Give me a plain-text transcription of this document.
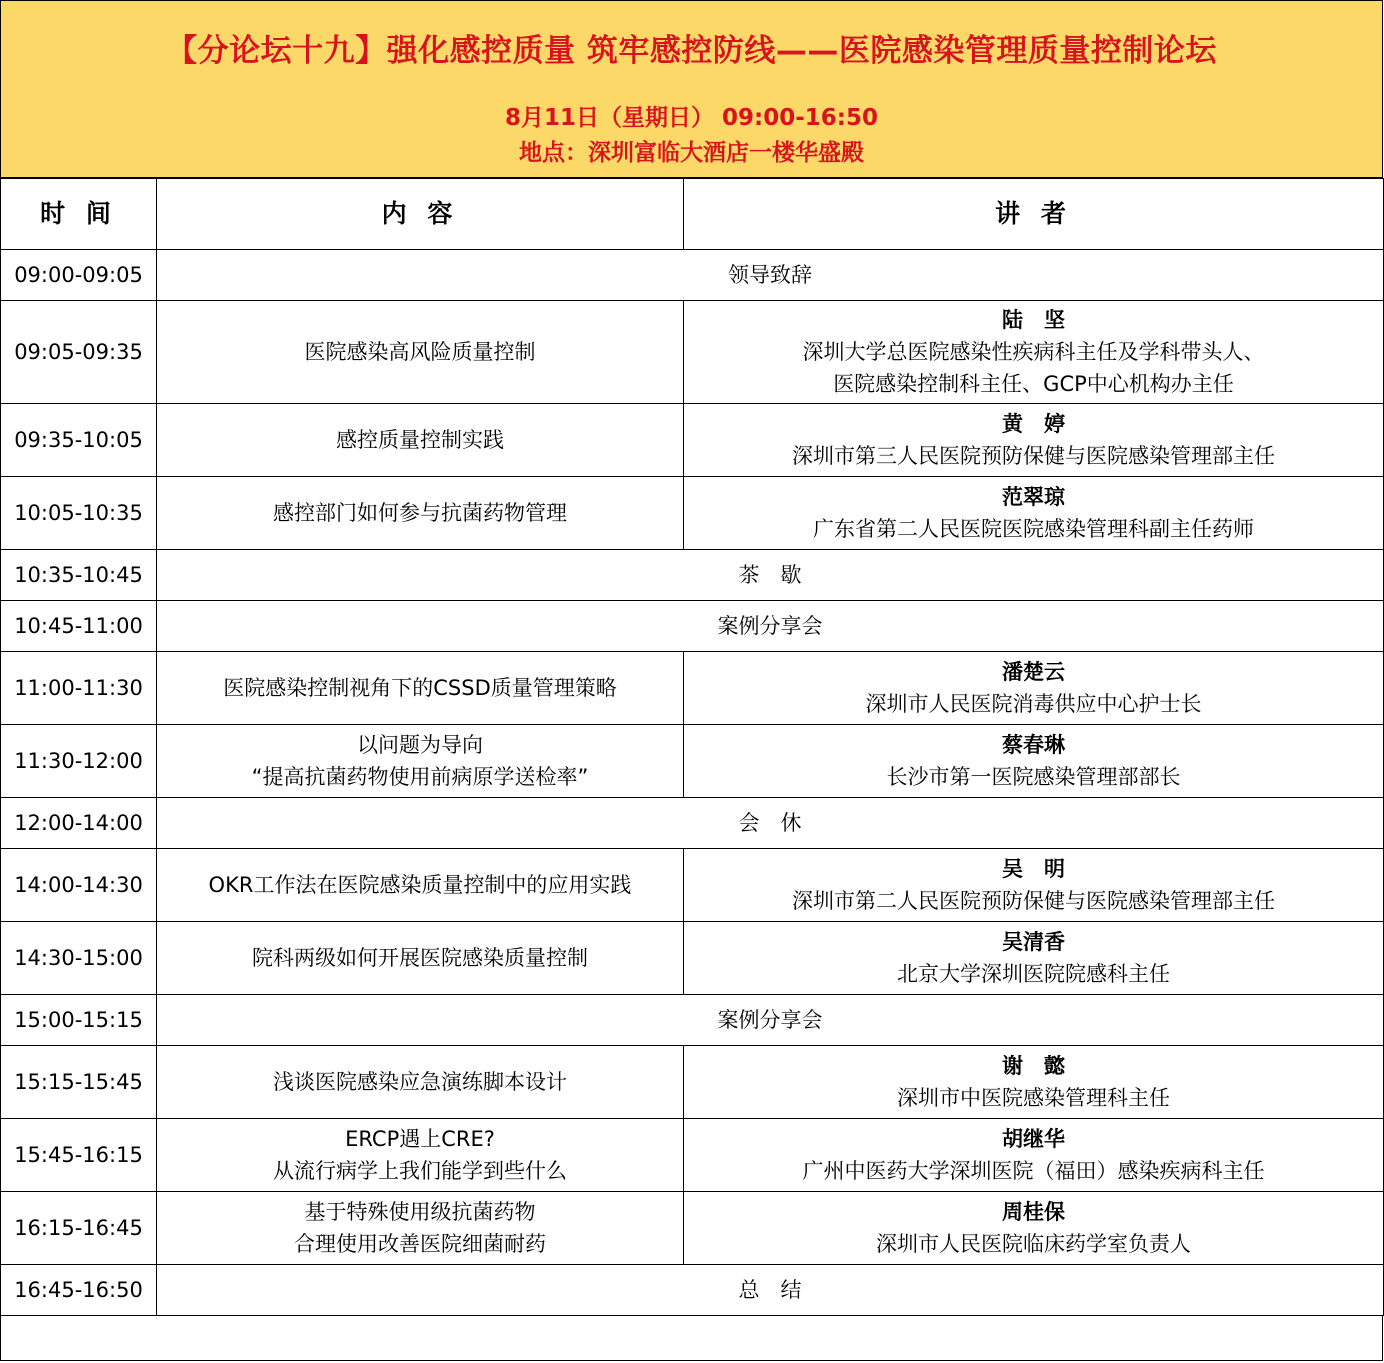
【分论坛十九】强化感控质量 筑牢感控防线——医院感染管理质量控制论坛
8月11日（星期日） 09:00-16:50
地点：深圳富临大酒店一楼华盛殿
时 间	内 容	讲 者
09:00-09:05	领导致辞	
09:05-09:35	医院感染高风险质量控制	陆　坚
深圳大学总医院感染性疾病科主任及学科带头人、
医院感染控制科主任、GCP中心机构办主任

09:35-10:05	感控质量控制实践	黄　婷
深圳市第三人民医院预防保健与医院感染管理部主任

10:05-10:35	感控部门如何参与抗菌药物管理	范翠琼
广东省第二人民医院医院感染管理科副主任药师

10:35-10:45	茶　歇	
10:45-11:00	案例分享会	
11:00-11:30	医院感染控制视角下的CSSD质量管理策略	潘楚云
深圳市人民医院消毒供应中心护士长

11:30-12:00	以问题为导向
“提高抗菌药物使用前病原学送检率”	蔡春琳
长沙市第一医院感染管理部部长

12:00-14:00	会　休	
14:00-14:30	OKR工作法在医院感染质量控制中的应用实践	吴　明
深圳市第二人民医院预防保健与医院感染管理部主任

14:30-15:00	院科两级如何开展医院感染质量控制	吴清香
北京大学深圳医院院感科主任

15:00-15:15	案例分享会	
15:15-15:45	浅谈医院感染应急演练脚本设计	谢　懿
深圳市中医院感染管理科主任

15:45-16:15	ERCP遇上CRE?
从流行病学上我们能学到些什么	胡继华
广州中医药大学深圳医院（福田）感染疾病科主任

16:15-16:45	基于特殊使用级抗菌药物
合理使用改善医院细菌耐药	周桂保
深圳市人民医院临床药学室负责人

16:45-16:50	总　结	
